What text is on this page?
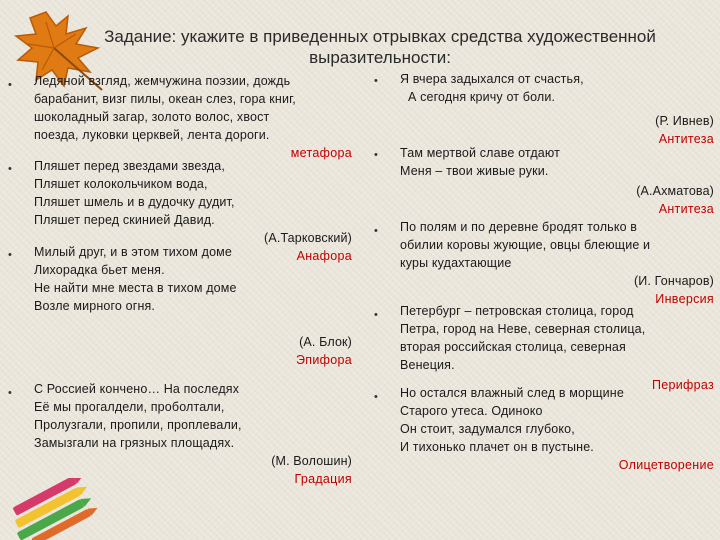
Задание: укажите в приведенных отрывках средства художественной
выразительности:
• Ледяной взгляд, жемчужина поэзии, дождь
барабанит, визг пилы, океан слез, гора книг,
шоколадный загар, золото волос, хвост
поезда, луковки церквей, лента дороги.
метафора
• Пляшет перед звездами звезда,
Пляшет колокольчиком вода,
Пляшет шмель и в дудочку дудит,
Пляшет перед скинией Давид.
(А.Тарковский)
Анафора
• Милый друг, и в этом тихом доме
Лихорадка бьет меня.
Не найти мне места в тихом доме
Возле мирного огня.
(А. Блок)
Эпифора
• С Россией кончено… На последях
Её мы прогалдели, проболтали,
Пролузгали, пропили, проплевали,
Замызгали на грязных площадях.
(М. Волошин)
Градация
• Я вчера задыхался от счастья,
А сегодня кричу от боли.
(Р. Ивнев)
Антитеза
• Там мертвой славе отдают
Меня – твои живые руки.
(А.Ахматова)
Антитеза
• По полям и по деревне бродят только в
обилии коровы жующие, овцы блеющие и
куры кудахтающие
(И. Гончаров)
Инверсия
• Петербург – петровская столица, город
Петра, город на Неве, северная столица,
вторая российская столица, северная
Венеция.
Перифраз
• Но остался влажный след в морщине
Старого утеса. Одиноко
Он стоит, задумался глубоко,
И тихонько плачет он в пустыне.
Олицетворение
